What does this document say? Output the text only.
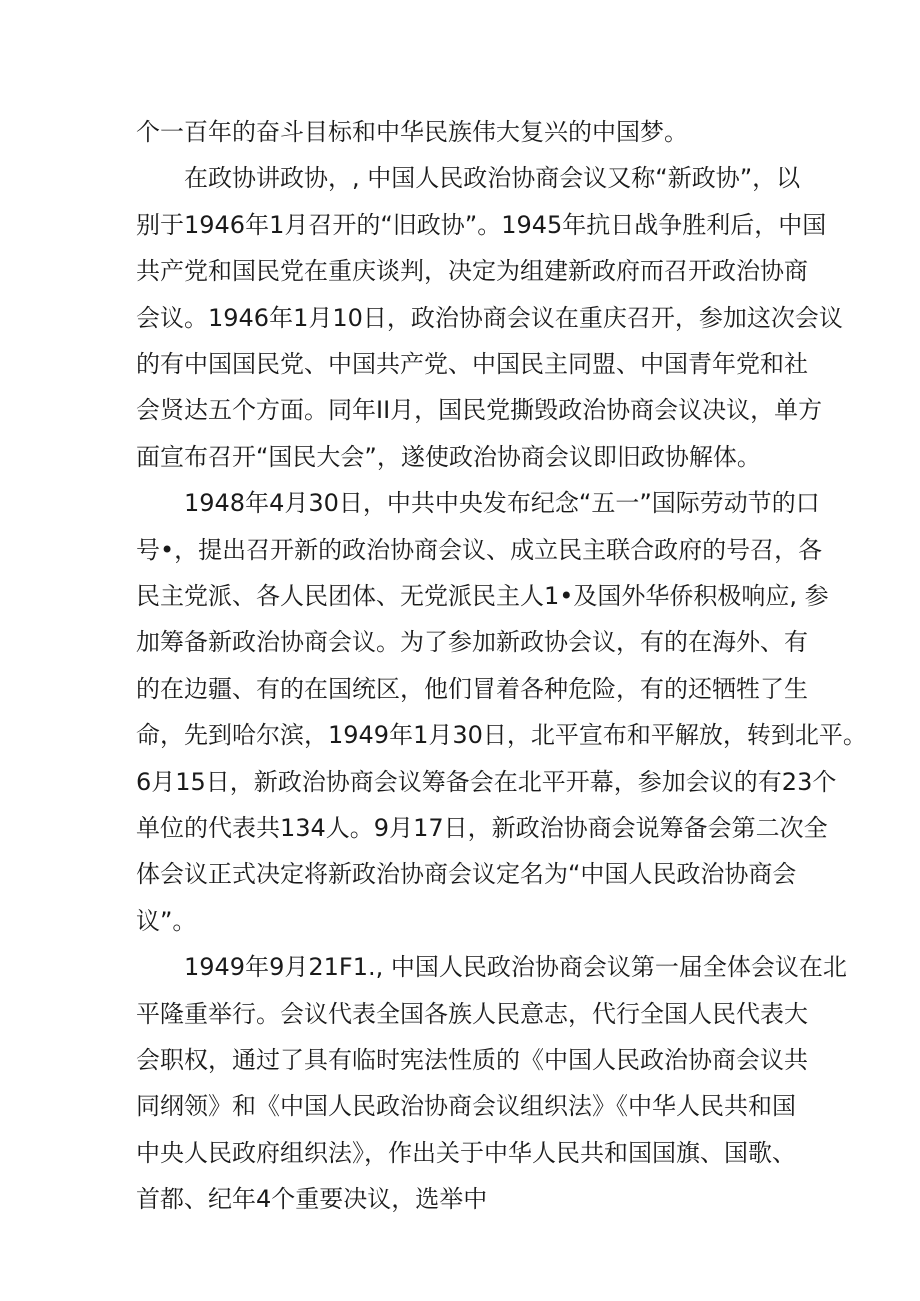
个一百年的奋斗目标和中华民族伟大复兴的中国梦。
在政协讲政协，, 中国人民政治协商会议又称“新政协”，以
别于1946年1月召开的“旧政协”。1945年抗日战争胜利后，中国
共产党和国民党在重庆谈判，决定为组建新政府而召开政治协商
会议。1946年1月10日，政治协商会议在重庆召开，参加这次会议
的有中国国民党、中国共产党、中国民主同盟、中国青年党和社
会贤达五个方面。同年II月，国民党撕毁政治协商会议决议，单方
面宣布召开“国民大会”，遂使政治协商会议即旧政协解体。
1948年4月30日，中共中央发布纪念“五一”国际劳动节的口
号•，提出召开新的政治协商会议、成立民主联合政府的号召，各
民主党派、各人民团体、无党派民主人1•及国外华侨积极响应, 参
加筹备新政治协商会议。为了参加新政协会议，有的在海外、有
的在边疆、有的在国统区，他们冒着各种危险，有的还牺牲了生
命，先到哈尔滨，1949年1月30日，北平宣布和平解放，转到北平。
6月15日，新政治协商会议筹备会在北平开幕，参加会议的有23个
单位的代表共134人。9月17日，新政治协商会说筹备会第二次全
体会议正式决定将新政治协商会议定名为“中国人民政治协商会
议”。
1949年9月21F1., 中国人民政治协商会议第一届全体会议在北
平隆重举行。会议代表全国各族人民意志，代行全国人民代表大
会职权，通过了具有临时宪法性质的《中国人民政治协商会议共
同纲领》和《中国人民政治协商会议组织法》《中华人民共和国
中央人民政府组织法》，作出关于中华人民共和国国旗、国歌、
首都、纪年4个重要决议，选举中
